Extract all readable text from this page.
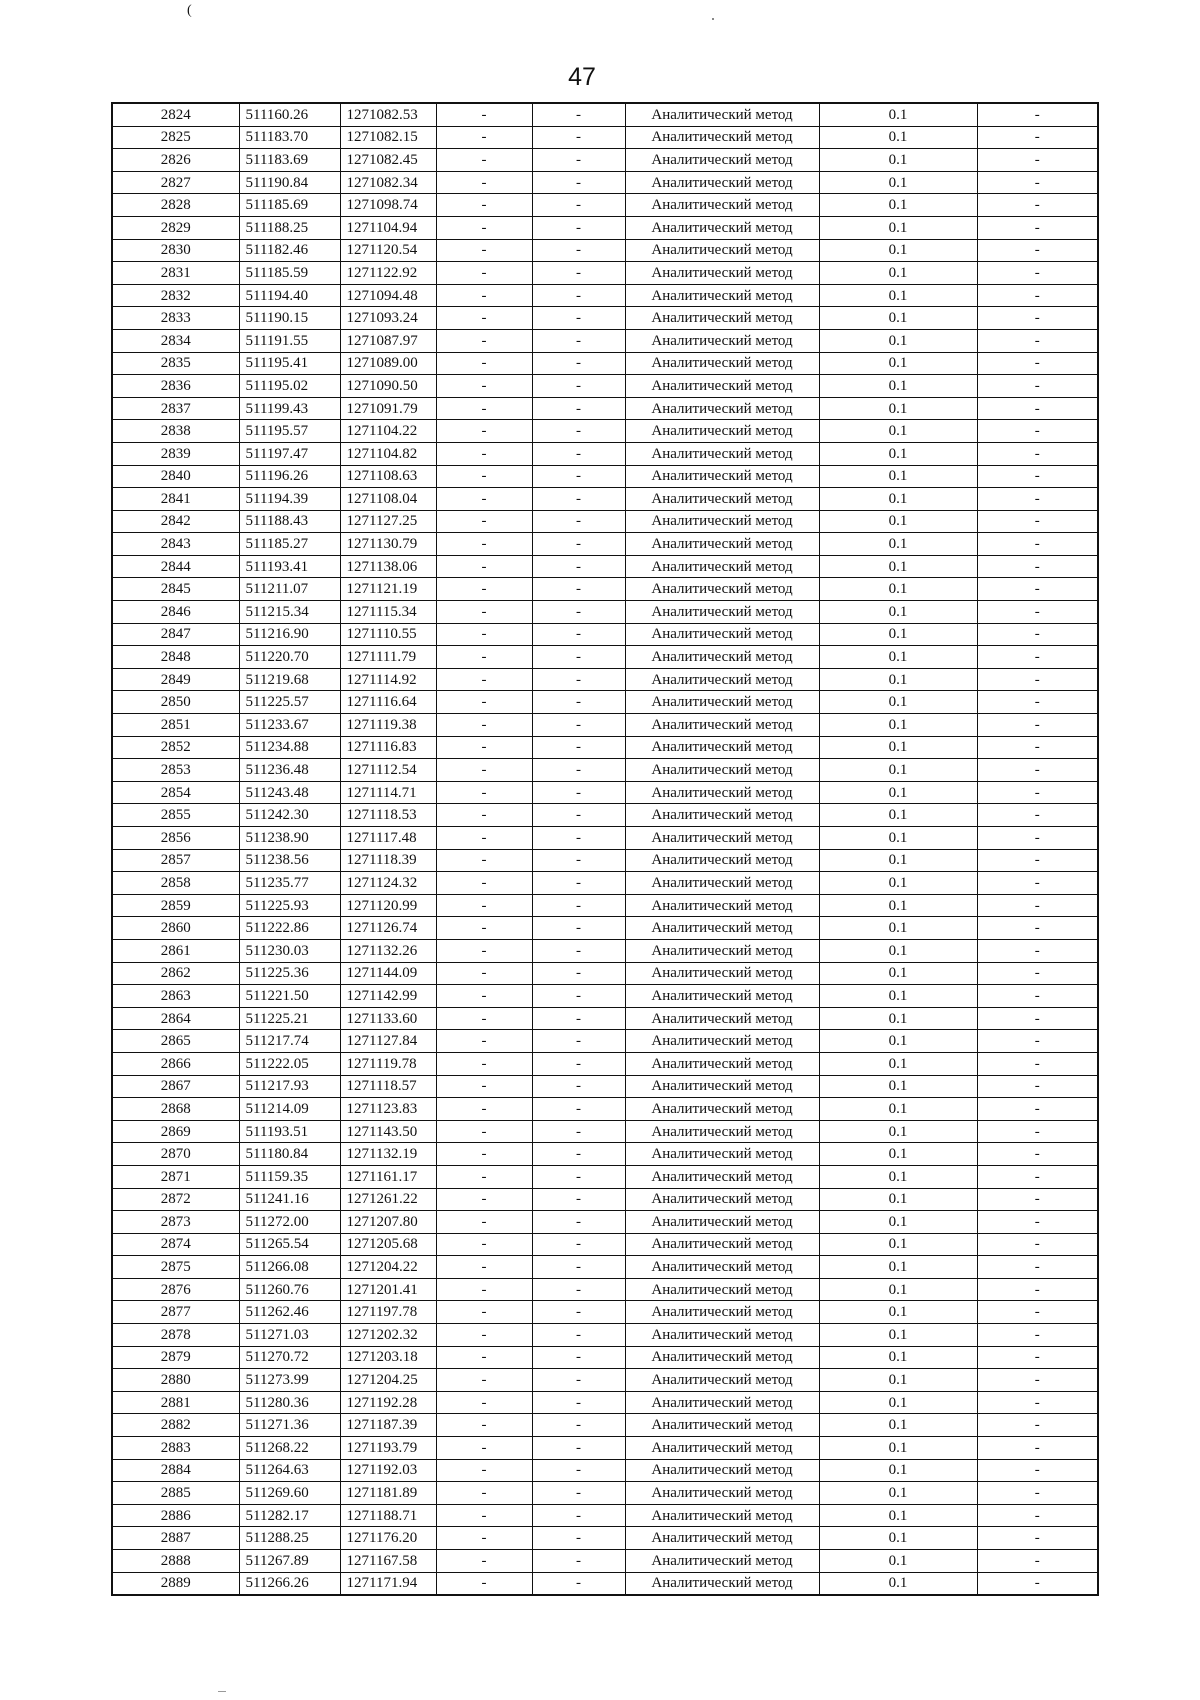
(
47
2824	511160.26	1271082.53	-	-	Аналитический метод	0.1	-
2825	511183.70	1271082.15	-	-	Аналитический метод	0.1	-
2826	511183.69	1271082.45	-	-	Аналитический метод	0.1	-
2827	511190.84	1271082.34	-	-	Аналитический метод	0.1	-
2828	511185.69	1271098.74	-	-	Аналитический метод	0.1	-
2829	511188.25	1271104.94	-	-	Аналитический метод	0.1	-
2830	511182.46	1271120.54	-	-	Аналитический метод	0.1	-
2831	511185.59	1271122.92	-	-	Аналитический метод	0.1	-
2832	511194.40	1271094.48	-	-	Аналитический метод	0.1	-
2833	511190.15	1271093.24	-	-	Аналитический метод	0.1	-
2834	511191.55	1271087.97	-	-	Аналитический метод	0.1	-
2835	511195.41	1271089.00	-	-	Аналитический метод	0.1	-
2836	511195.02	1271090.50	-	-	Аналитический метод	0.1	-
2837	511199.43	1271091.79	-	-	Аналитический метод	0.1	-
2838	511195.57	1271104.22	-	-	Аналитический метод	0.1	-
2839	511197.47	1271104.82	-	-	Аналитический метод	0.1	-
2840	511196.26	1271108.63	-	-	Аналитический метод	0.1	-
2841	511194.39	1271108.04	-	-	Аналитический метод	0.1	-
2842	511188.43	1271127.25	-	-	Аналитический метод	0.1	-
2843	511185.27	1271130.79	-	-	Аналитический метод	0.1	-
2844	511193.41	1271138.06	-	-	Аналитический метод	0.1	-
2845	511211.07	1271121.19	-	-	Аналитический метод	0.1	-
2846	511215.34	1271115.34	-	-	Аналитический метод	0.1	-
2847	511216.90	1271110.55	-	-	Аналитический метод	0.1	-
2848	511220.70	1271111.79	-	-	Аналитический метод	0.1	-
2849	511219.68	1271114.92	-	-	Аналитический метод	0.1	-
2850	511225.57	1271116.64	-	-	Аналитический метод	0.1	-
2851	511233.67	1271119.38	-	-	Аналитический метод	0.1	-
2852	511234.88	1271116.83	-	-	Аналитический метод	0.1	-
2853	511236.48	1271112.54	-	-	Аналитический метод	0.1	-
2854	511243.48	1271114.71	-	-	Аналитический метод	0.1	-
2855	511242.30	1271118.53	-	-	Аналитический метод	0.1	-
2856	511238.90	1271117.48	-	-	Аналитический метод	0.1	-
2857	511238.56	1271118.39	-	-	Аналитический метод	0.1	-
2858	511235.77	1271124.32	-	-	Аналитический метод	0.1	-
2859	511225.93	1271120.99	-	-	Аналитический метод	0.1	-
2860	511222.86	1271126.74	-	-	Аналитический метод	0.1	-
2861	511230.03	1271132.26	-	-	Аналитический метод	0.1	-
2862	511225.36	1271144.09	-	-	Аналитический метод	0.1	-
2863	511221.50	1271142.99	-	-	Аналитический метод	0.1	-
2864	511225.21	1271133.60	-	-	Аналитический метод	0.1	-
2865	511217.74	1271127.84	-	-	Аналитический метод	0.1	-
2866	511222.05	1271119.78	-	-	Аналитический метод	0.1	-
2867	511217.93	1271118.57	-	-	Аналитический метод	0.1	-
2868	511214.09	1271123.83	-	-	Аналитический метод	0.1	-
2869	511193.51	1271143.50	-	-	Аналитический метод	0.1	-
2870	511180.84	1271132.19	-	-	Аналитический метод	0.1	-
2871	511159.35	1271161.17	-	-	Аналитический метод	0.1	-
2872	511241.16	1271261.22	-	-	Аналитический метод	0.1	-
2873	511272.00	1271207.80	-	-	Аналитический метод	0.1	-
2874	511265.54	1271205.68	-	-	Аналитический метод	0.1	-
2875	511266.08	1271204.22	-	-	Аналитический метод	0.1	-
2876	511260.76	1271201.41	-	-	Аналитический метод	0.1	-
2877	511262.46	1271197.78	-	-	Аналитический метод	0.1	-
2878	511271.03	1271202.32	-	-	Аналитический метод	0.1	-
2879	511270.72	1271203.18	-	-	Аналитический метод	0.1	-
2880	511273.99	1271204.25	-	-	Аналитический метод	0.1	-
2881	511280.36	1271192.28	-	-	Аналитический метод	0.1	-
2882	511271.36	1271187.39	-	-	Аналитический метод	0.1	-
2883	511268.22	1271193.79	-	-	Аналитический метод	0.1	-
2884	511264.63	1271192.03	-	-	Аналитический метод	0.1	-
2885	511269.60	1271181.89	-	-	Аналитический метод	0.1	-
2886	511282.17	1271188.71	-	-	Аналитический метод	0.1	-
2887	511288.25	1271176.20	-	-	Аналитический метод	0.1	-
2888	511267.89	1271167.58	-	-	Аналитический метод	0.1	-
2889	511266.26	1271171.94	-	-	Аналитический метод	0.1	-
